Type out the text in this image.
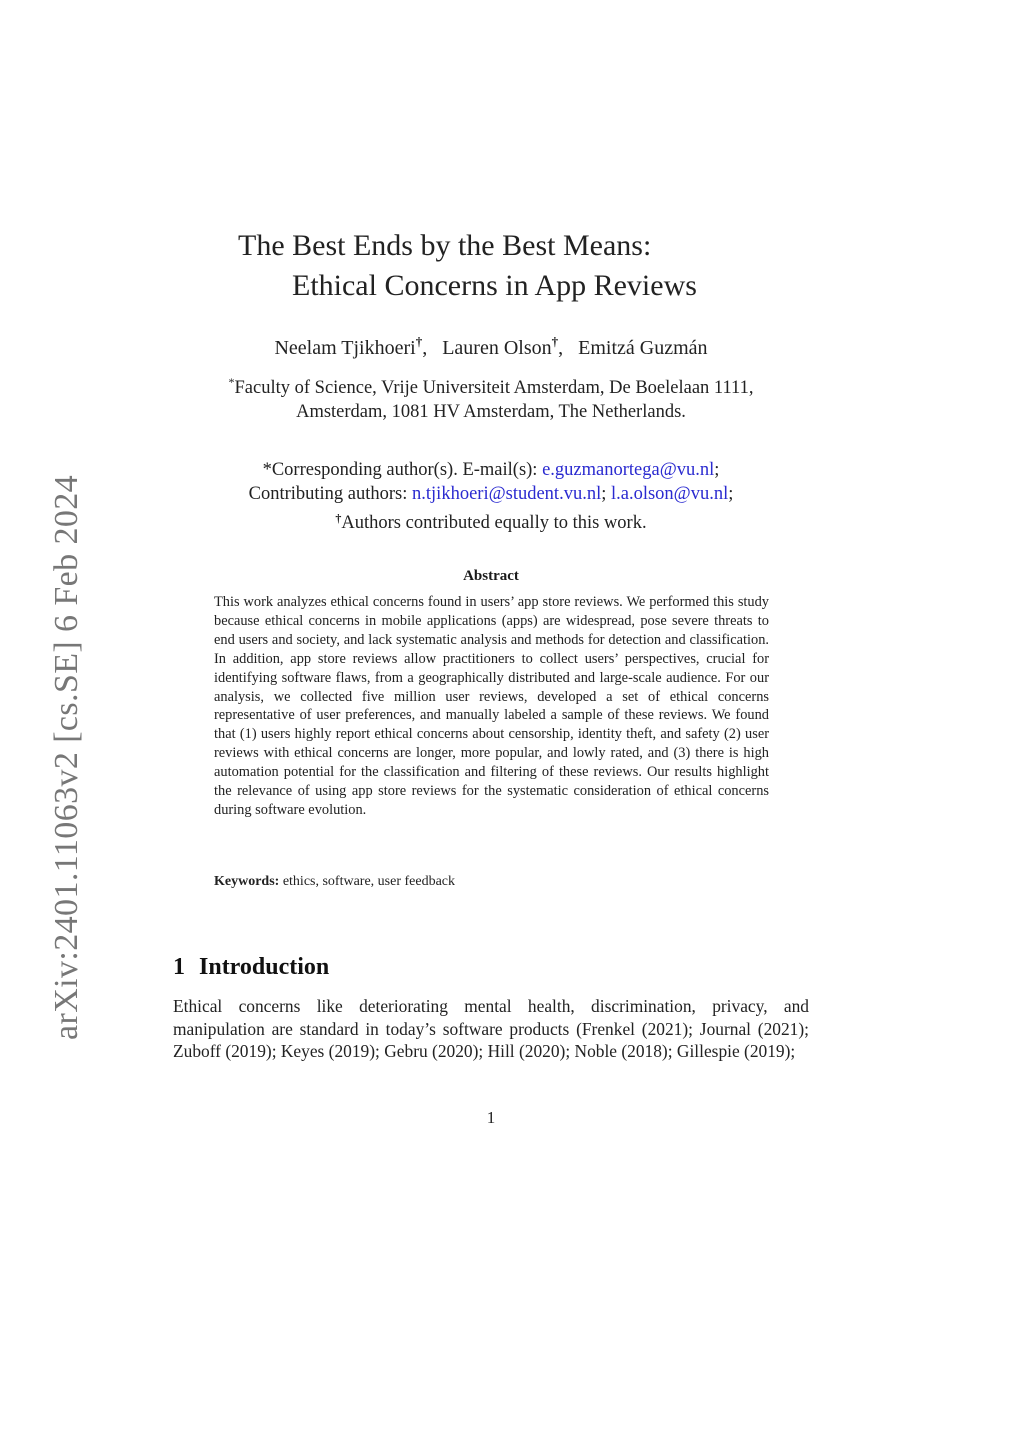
arXiv:2401.11063v2 [cs.SE] 6 Feb 2024
The Best Ends by the Best Means:
Ethical Concerns in App Reviews
Neelam Tjikhoeri†,   Lauren Olson†,   Emitzá Guzmán
*Faculty of Science, Vrije Universiteit Amsterdam, De Boelelaan 1111,
Amsterdam, 1081 HV Amsterdam, The Netherlands.
*Corresponding author(s). E-mail(s): e.guzmanortega@vu.nl;
Contributing authors: n.tjikhoeri@student.vu.nl; l.a.olson@vu.nl;
†Authors contributed equally to this work.
Abstract
This work analyzes ethical concerns found in users’ app store reviews. We performed this study because ethical concerns in mobile applications (apps) are widespread, pose severe threats to end users and society, and lack systematic analysis and methods for detection and classification. In addition, app store reviews allow practitioners to collect users’ perspectives, crucial for identifying software flaws, from a geographically distributed and large-scale audience. For our analysis, we collected five million user reviews, developed a set of ethical concerns representative of user preferences, and manually labeled a sample of these reviews. We found that (1) users highly report ethical concerns about censorship, identity theft, and safety (2) user reviews with ethical concerns are longer, more popular, and lowly rated, and (3) there is high automation potential for the classification and filtering of these reviews. Our results highlight the relevance of using app store reviews for the systematic consideration of ethical concerns during software evolution.
Keywords: ethics, software, user feedback
1 Introduction
Ethical concerns like deteriorating mental health, discrimination, privacy, and manipulation are standard in today’s software products (Frenkel (2021); Journal (2021); Zuboff (2019); Keyes (2019); Gebru (2020); Hill (2020); Noble (2018); Gillespie (2019);
1
